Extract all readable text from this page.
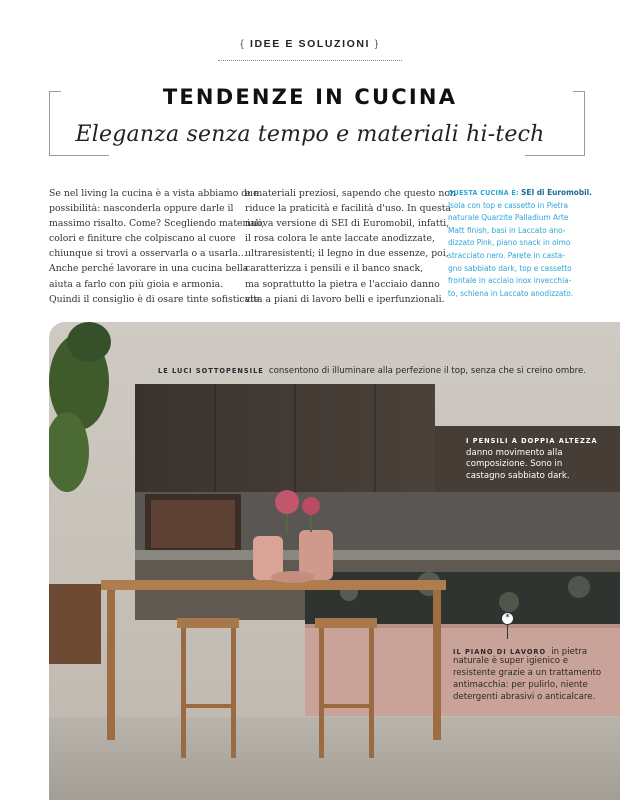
{ IDEE E SOLUZIONI }
TENDENZE IN CUCINA
Eleganza senza tempo e materiali hi-tech
Se nel living la cucina è a vista abbiamo due
possibilità: nasconderla oppure darle il
massimo risalto. Come? Scegliendo materiali,
colori e finiture che colpiscano al cuore
chiunque si trovi a osservarla o a usarla...
Anche perché lavorare in una cucina bella
aiuta a farlo con più gioia e armonia.
Quindi il consiglio è di osare tinte sofisticate
e materiali preziosi, sapendo che questo non
riduce la praticità e facilità d'uso. In questa
nuova versione di SEI di Euromobil, infatti,
il rosa colora le ante laccate anodizzate,
ultraresistenti; il legno in due essenze, poi,
caratterizza i pensili e il banco snack,
ma soprattutto la pietra e l'acciaio danno
vita a piani di lavoro belli e iperfunzionali.
QUESTA CUCINA È: SEI di Euromobil.
Isola con top e cassetto in Pietra
naturale Quarzite Palladium Arte
Matt finish, basi in Laccato ano-
dizzato Pink, piano snack in olmo
stracciato nero. Parete in casta-
gno sabbiato dark, top e cassetto
frontale in acciaio inox invecchia-
to, schiena in Laccato anodizzato.
LE LUCI SOTTOPENSILE consentono di illuminare alla perfezione il top, senza che si creino ombre.
I PENSILI A DOPPIA ALTEZZA
danno movimento alla
composizione. Sono in
castagno sabbiato dark.
*
IL PIANO DI LAVORO in pietra
naturale è super igienico e
resistente grazie a un trattamento
antimacchia: per pulirlo, niente
detergenti abrasivi o anticalcare.
